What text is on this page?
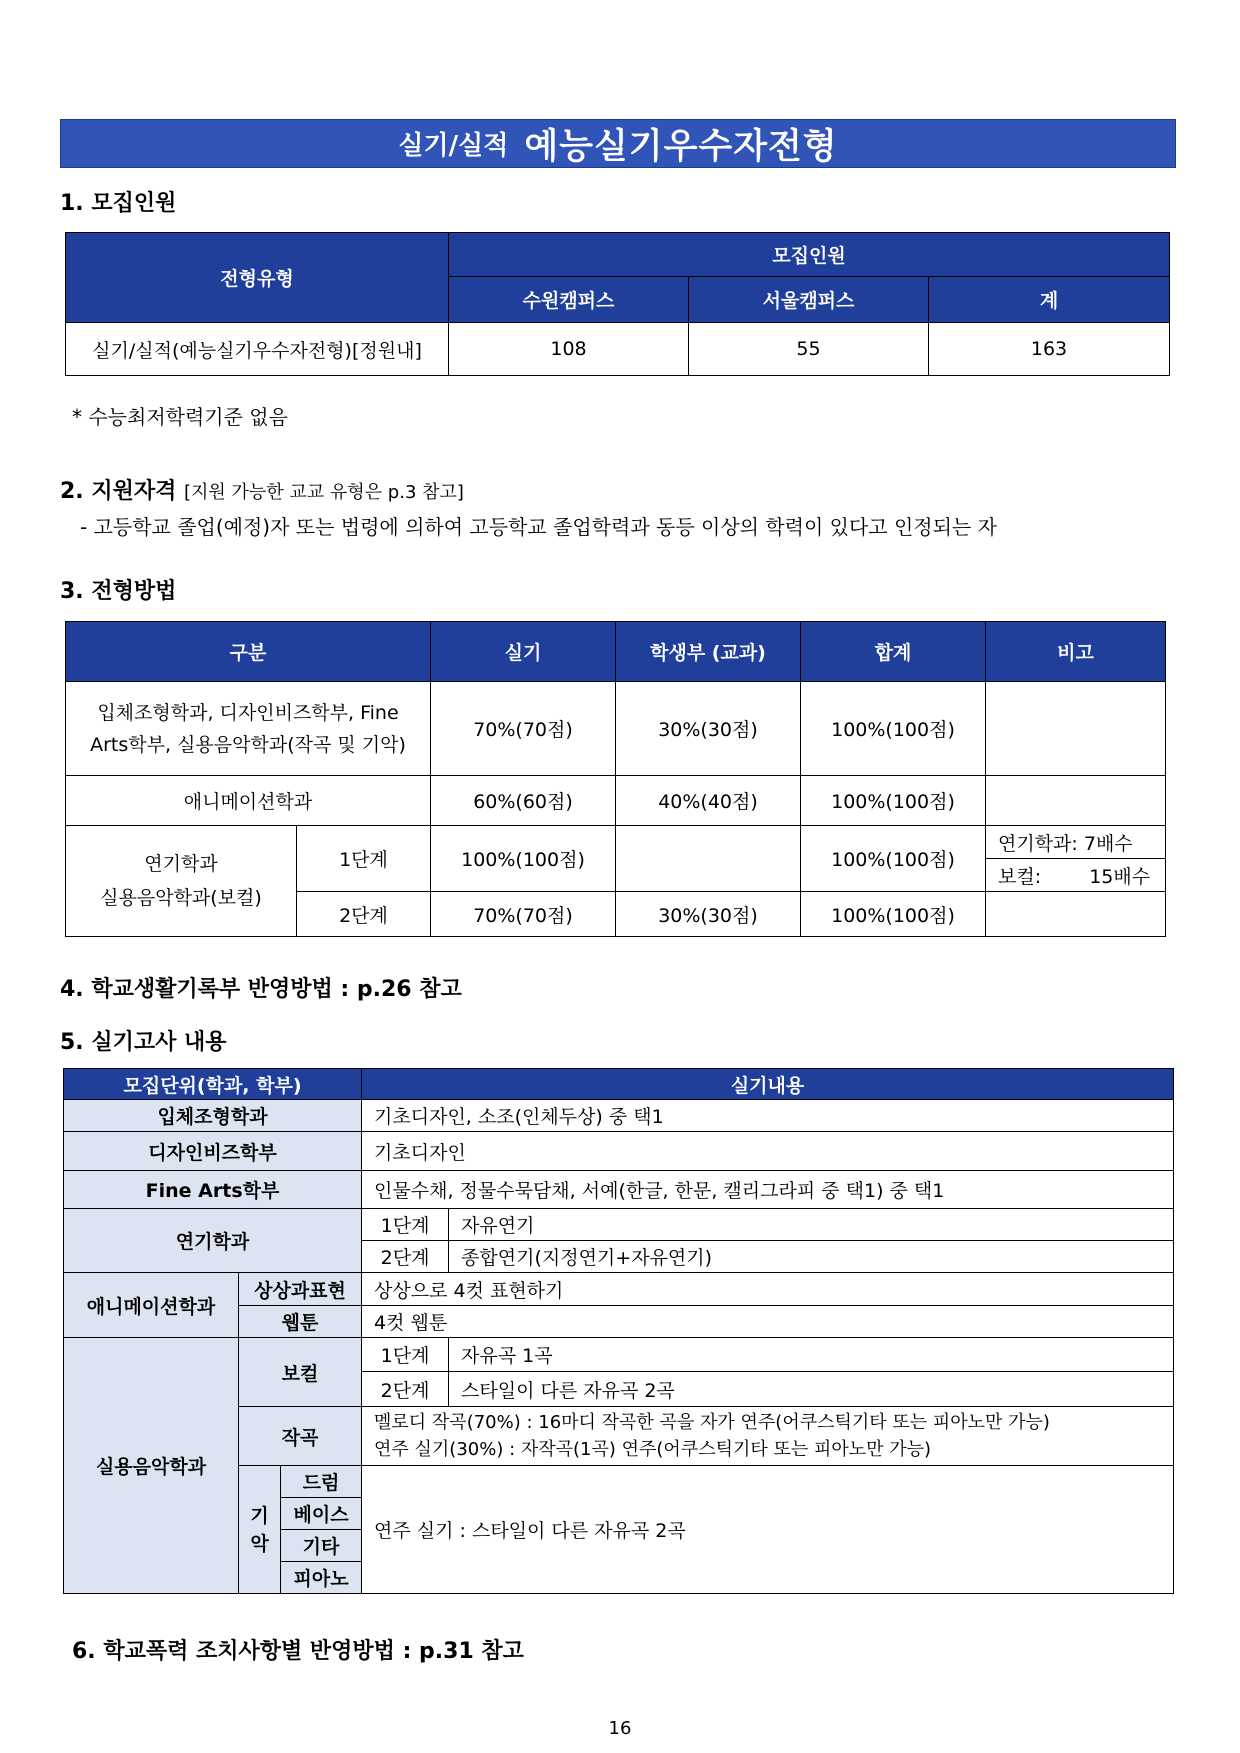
실기/실적 예능실기우수자전형
1. 모집인원
전형유형	모집인원		
	수원캠퍼스	서울캠퍼스	계
실기/실적(예능실기우수자전형)[정원내]	108	55	163
* 수능최저학력기준 없음
2. 지원자격 [지원 가능한 교교 유형은 p.3 참고]
- 고등학교 졸업(예정)자 또는 법령에 의하여 고등학교 졸업학력과 동등 이상의 학력이 있다고 인정되는 자
3. 전형방법
구분		실기	학생부 (교과)	합계	비고
입체조형학과, 디자인비즈학부, Fine
Arts학부, 실용음악학과(작곡 및 기악)		70%(70점)	30%(30점)	100%(100점)	
애니메이션학과		60%(60점)	40%(40점)	100%(100점)	
연기학과
실용음악학과(보컬)	1단계	100%(100점)		100%(100점)	연기학과: 7배수
					보컬: 15배수
	2단계	70%(70점)	30%(30점)	100%(100점)	
4. 학교생활기록부 반영방법 : p.26 참고
5. 실기고사 내용
모집단위(학과, 학부)			실기내용	
입체조형학과			기초디자인, 소조(인체두상) 중 택1	
디자인비즈학부			기초디자인	
Fine Arts학부			인물수채, 정물수묵담채, 서예(한글, 한문, 캘리그라피 중 택1) 중 택1	
연기학과			1단계	자유연기
			2단계	종합연기(지정연기+자유연기)
애니메이션학과	상상과표현		상상으로 4컷 표현하기	
	웹툰		4컷 웹툰	
실용음악학과	보컬		1단계	자유곡 1곡
			2단계	스타일이 다른 자유곡 2곡
	작곡		멜로디 작곡(70%) : 16마디 작곡한 곡을 자가 연주(어쿠스틱기타 또는 피아노만 가능)
연주 실기(30%) : 자작곡(1곡) 연주(어쿠스틱기타 또는 피아노만 가능)	
	기
악	드럼	연주 실기 : 스타일이 다른 자유곡 2곡	
		베이스		
		기타		
		피아노		
6. 학교폭력 조치사항별 반영방법 : p.31 참고
16
